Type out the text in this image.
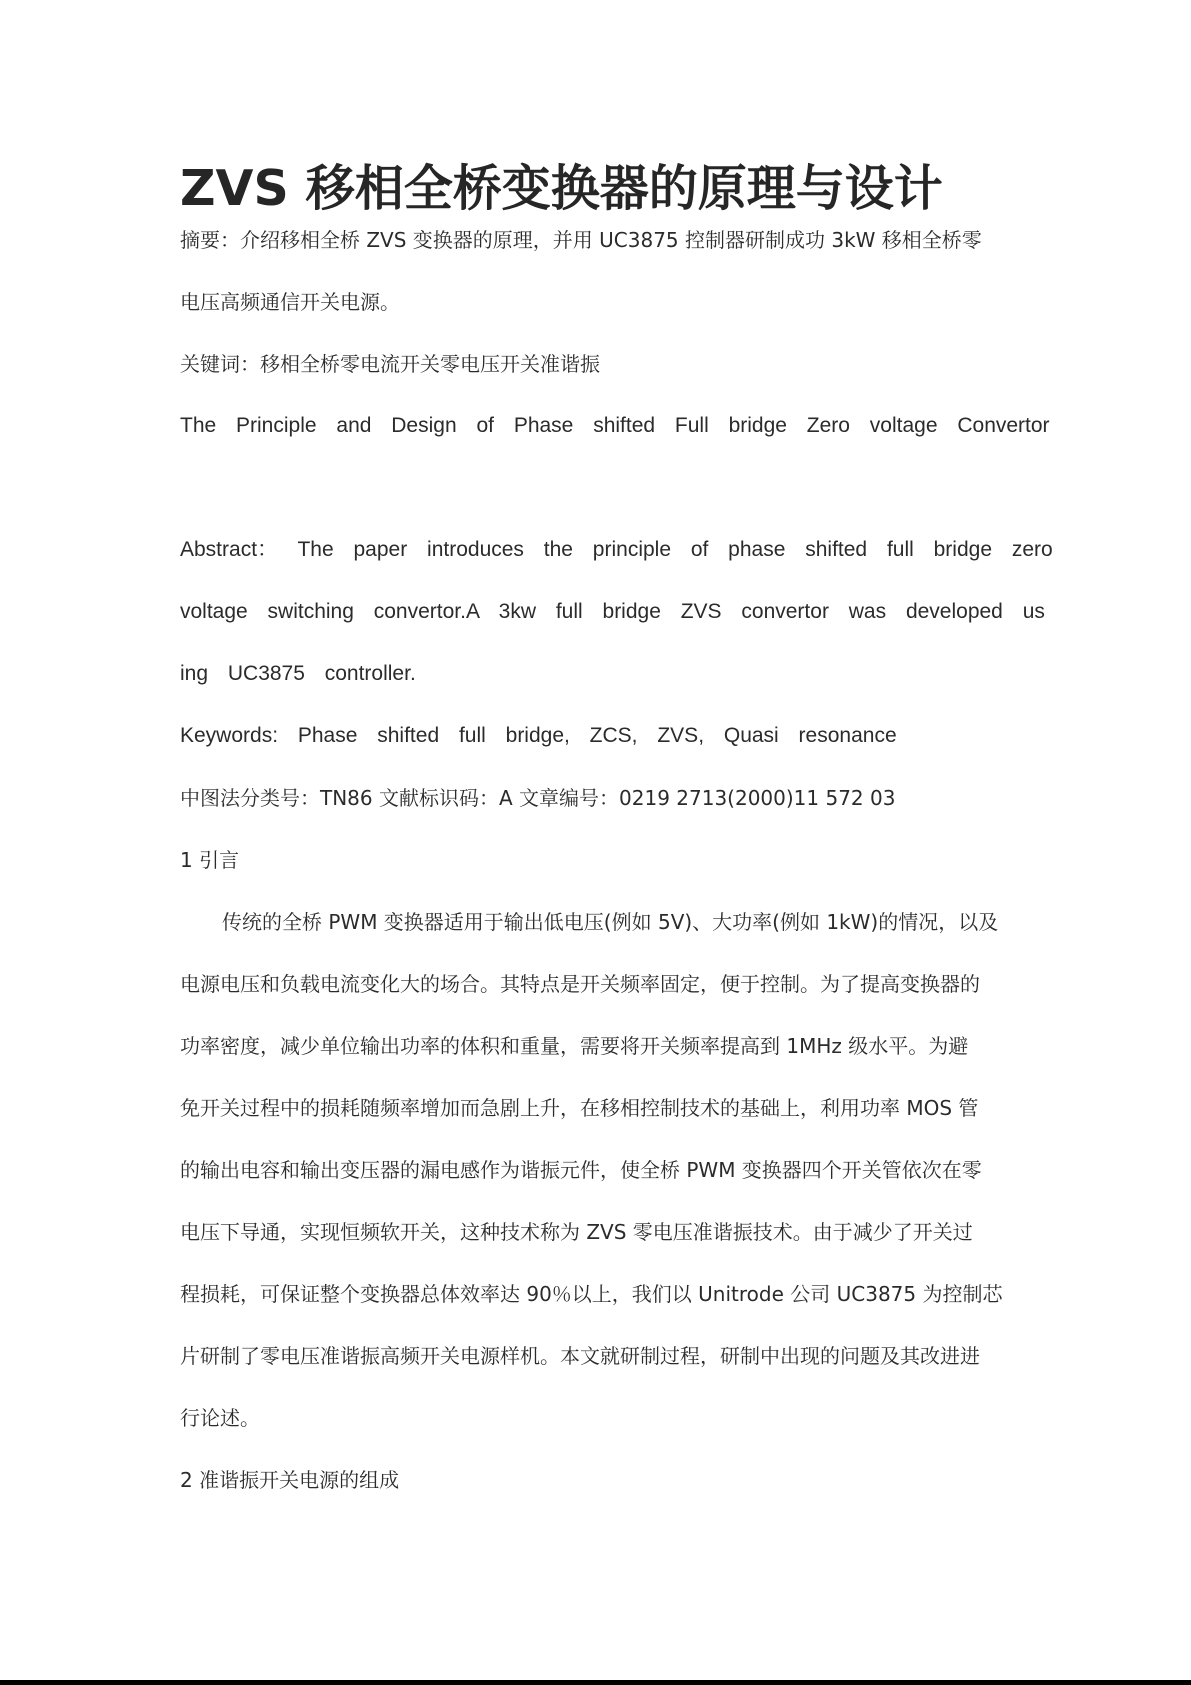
ZVS 移相全桥变换器的原理与设计
摘要：介绍移相全桥 ZVS 变换器的原理，并用 UC3875 控制器研制成功 3kW 移相全桥零
电压高频通信开关电源。
关键词：移相全桥零电流开关零电压开关准谐振
The Principle and Design of Phase shifted Full bridge Zero voltage Convertor
Abstract： The paper introduces the principle of phase shifted full bridge zero
voltage switching convertor.A 3kw full bridge ZVS convertor was developed us
ing UC3875 controller.
Keywords: Phase shifted full bridge, ZCS, ZVS, Quasi resonance
中图法分类号：TN86 文献标识码：A 文章编号：0219 2713(2000)11 572 03
1 引言
传统的全桥 PWM 变换器适用于输出低电压(例如 5V)、大功率(例如 1kW)的情况，以及
电源电压和负载电流变化大的场合。其特点是开关频率固定，便于控制。为了提高变换器的
功率密度，减少单位输出功率的体积和重量，需要将开关频率提高到 1MHz 级水平。为避
免开关过程中的损耗随频率增加而急剧上升，在移相控制技术的基础上，利用功率 MOS 管
的输出电容和输出变压器的漏电感作为谐振元件，使全桥 PWM 变换器四个开关管依次在零
电压下导通，实现恒频软开关，这种技术称为 ZVS 零电压准谐振技术。由于减少了开关过
程损耗，可保证整个变换器总体效率达 90％以上，我们以 Unitrode 公司 UC3875 为控制芯
片研制了零电压准谐振高频开关电源样机。本文就研制过程，研制中出现的问题及其改进进
行论述。
2 准谐振开关电源的组成
